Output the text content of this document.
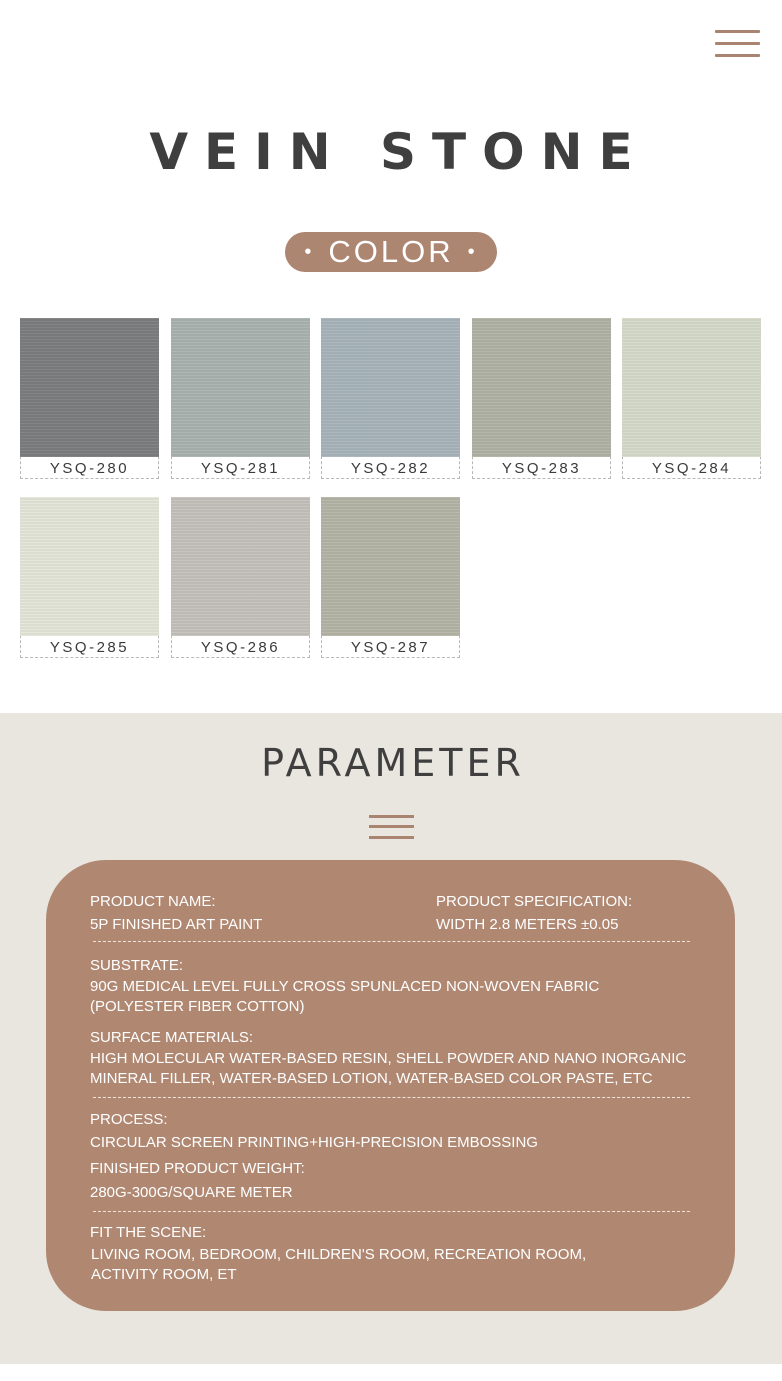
VEIN STONE
• COLOR •
YSQ-280	YSQ-281	YSQ-282	YSQ-283	YSQ-284
YSQ-285	YSQ-286	YSQ-287
PARAMETER
PRODUCT NAME:
5P FINISHED ART PAINT
PRODUCT SPECIFICATION:
WIDTH 2.8 METERS ±0.05
SUBSTRATE:
90G MEDICAL LEVEL FULLY CROSS SPUNLACED NON-WOVEN FABRIC
(POLYESTER FIBER COTTON)
SURFACE MATERIALS:
HIGH MOLECULAR WATER-BASED RESIN, SHELL POWDER AND NANO INORGANIC
MINERAL FILLER, WATER-BASED LOTION, WATER-BASED COLOR PASTE, ETC
PROCESS:
CIRCULAR SCREEN PRINTING+HIGH-PRECISION EMBOSSING
FINISHED PRODUCT WEIGHT:
280G-300G/SQUARE METER
FIT THE SCENE:
LIVING ROOM, BEDROOM, CHILDREN'S ROOM, RECREATION ROOM,
ACTIVITY ROOM, ET
